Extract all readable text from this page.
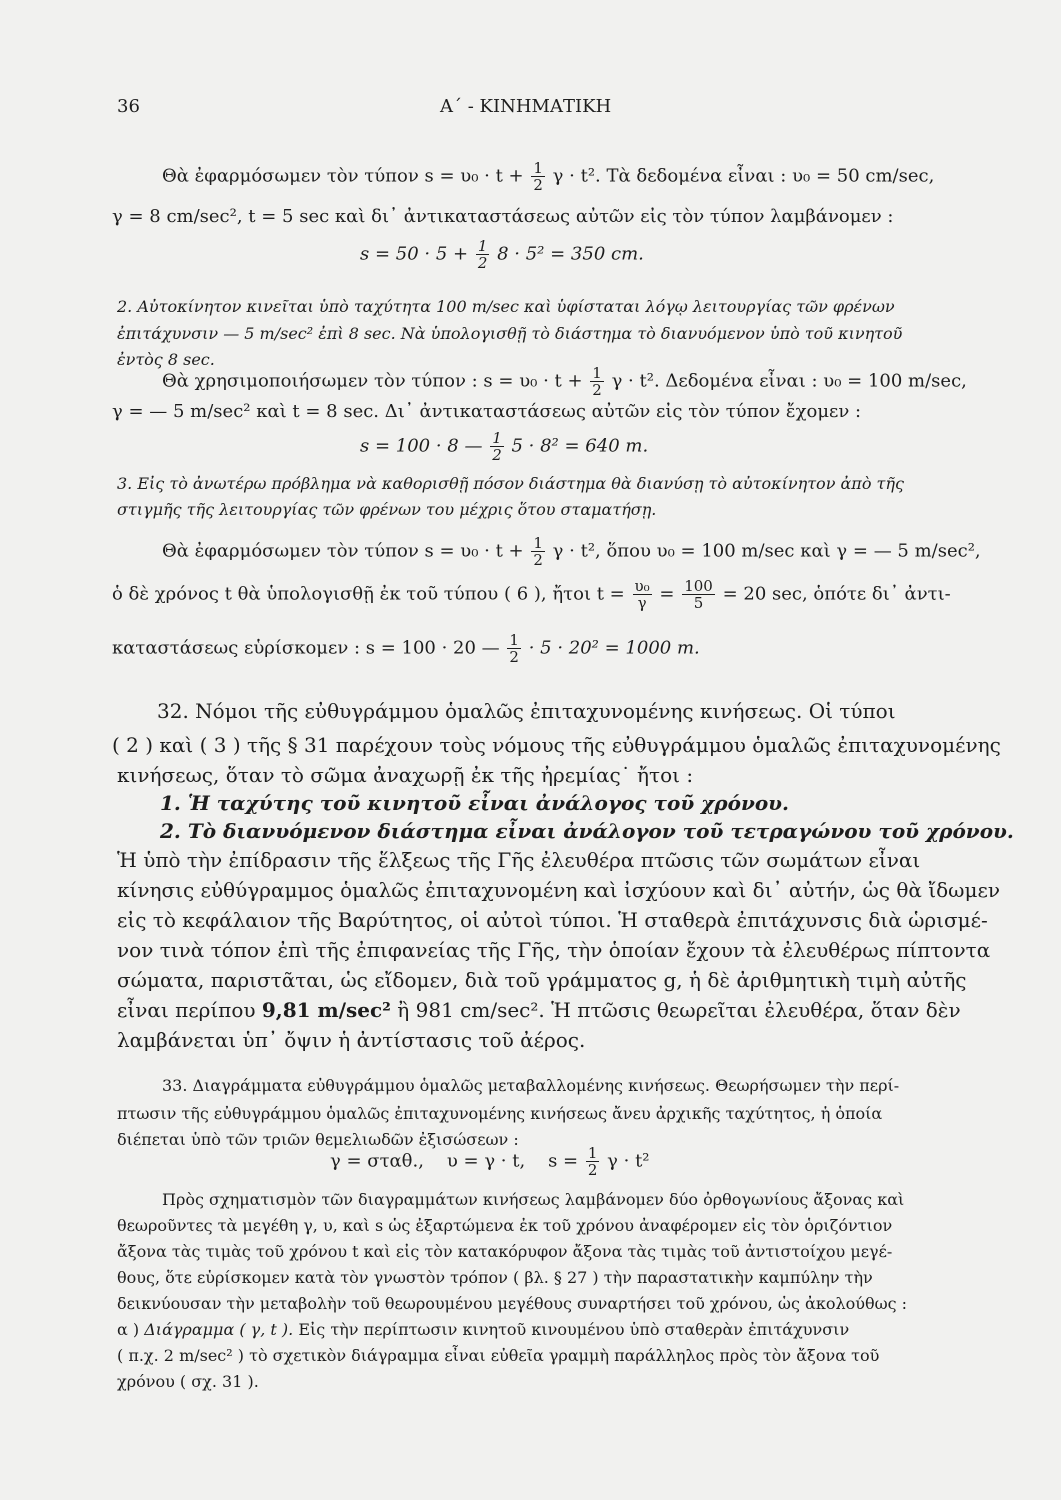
36	Α΄ - ΚΙΝΗΜΑΤΙΚΗ
Θὰ ἐφαρμόσωμεν τὸν τύπον $s = \upsilon_0 \cdot t + \frac{1}{2}$ γ · t². Τὰ δεδομένα εἶναι : υ₀ = 50 cm/sec,
γ = 8 cm/sec², t = 5 sec καὶ δι᾽ ἀντικαταστάσεως αὐτῶν εἰς τὸν τύπον λαμβάνομεν :
$s = 50 \cdot 5 + \frac{1}{2} 8 \cdot 5^2 = 350$ cm.
2. Αὐτοκίνητον κινεῖται ὑπὸ ταχύτητα 100 m/sec καὶ ὑφίσταται λόγῳ λειτουργίας τῶν φρένων
ἐπιτάχυνσιν — 5 m/sec² ἐπὶ 8 sec. Νὰ ὑπολογισθῇ τὸ διάστημα τὸ διανυόμενον ὑπὸ τοῦ κινητοῦ
ἐντὸς 8 sec.
Θὰ χρησιμοποιήσωμεν τὸν τύπον : $s = \upsilon_0 \cdot t + \frac{1}{2}$ γ · t². Δεδομένα εἶναι : υ₀ = 100 m/sec,
γ = — 5 m/sec² καὶ t = 8 sec. Δι᾽ ἀντικαταστάσεως αὐτῶν εἰς τὸν τύπον ἔχομεν :
s = 100 · 8 — $\frac{1}{2} 5 \cdot 8^2 = 640$ m.
3. Εἰς τὸ ἀνωτέρω πρόβλημα νὰ καθορισθῇ πόσον διάστημα θὰ διανύσῃ τὸ αὐτοκίνητον ἀπὸ τῆς
στιγμῆς τῆς λειτουργίας τῶν φρένων του μέχρις ὅτου σταματήσῃ.
Θὰ ἐφαρμόσωμεν τὸν τύπον $s = \upsilon_0 \cdot t + \frac{1}{2}$ γ · t², ὅπου υ₀ = 100 m/sec καὶ γ = — 5 m/sec²,
ὁ δὲ χρόνος t θὰ ὑπολογισθῇ ἐκ τοῦ τύπου ( 6 ), ἤτοι $t = \frac{\text{υ₀}}{\gamma} = \frac{100}{5} = 20$ sec, ὁπότε δι᾽ ἀντι-
καταστάσεως εὑρίσκομεν : s = 100 · 20 — $\frac{1}{2} \cdot 5 \cdot 20^2 = 1000$ m.
32. Νόμοι τῆς εὐθυγράμμου ὁμαλῶς ἐπιταχυνομένης κινήσεως. Οἱ τύποι
( 2 ) καὶ ( 3 ) τῆς § 31 παρέχουν τοὺς νόμους τῆς εὐθυγράμμου ὁμαλῶς ἐπιταχυνομένης
κινήσεως, ὅταν τὸ σῶμα ἀναχωρῇ ἐκ τῆς ἠρεμίας˙ ἤτοι :
1. Ἡ ταχύτης τοῦ κινητοῦ εἶναι ἀνάλογος τοῦ χρόνου.
2. Τὸ διανυόμενον διάστημα εἶναι ἀνάλογον τοῦ τετραγώνου τοῦ χρόνου.
Ἡ ὑπὸ τὴν ἐπίδρασιν τῆς ἕλξεως τῆς Γῆς ἐλευθέρα πτῶσις τῶν σωμάτων εἶναι
κίνησις εὐθύγραμμος ὁμαλῶς ἐπιταχυνομένη καὶ ἰσχύουν καὶ δι᾽ αὐτήν, ὡς θὰ ἴδωμεν
εἰς τὸ κεφάλαιον τῆς Βαρύτητος, οἱ αὐτοὶ τύποι. Ἡ σταθερὰ ἐπιτάχυνσις διὰ ὡρισμέ-
νον τινὰ τόπον ἐπὶ τῆς ἐπιφανείας τῆς Γῆς, τὴν ὁποίαν ἔχουν τὰ ἐλευθέρως πίπτοντα
σώματα, παριστᾶται, ὡς εἴδομεν, διὰ τοῦ γράμματος g, ἡ δὲ ἀριθμητικὴ τιμὴ αὐτῆς
εἶναι περίπου 9,81 m/sec² ἢ 981 cm/sec². Ἡ πτῶσις θεωρεῖται ἐλευθέρα, ὅταν δὲν
λαμβάνεται ὑπ᾽ ὄψιν ἡ ἀντίστασις τοῦ ἀέρος.
33. Διαγράμματα εὐθυγράμμου ὁμαλῶς μεταβαλλομένης κινήσεως. Θεωρήσωμεν τὴν περί-
πτωσιν τῆς εὐθυγράμμου ὁμαλῶς ἐπιταχυνομένης κινήσεως ἄνευ ἀρχικῆς ταχύτητος, ἡ ὁποία
διέπεται ὑπὸ τῶν τριῶν θεμελιωδῶν ἐξισώσεων :
γ = σταθ.,    υ = γ · t,    $s = \frac{1}{2}$ γ · t²
Πρὸς σχηματισμὸν τῶν διαγραμμάτων κινήσεως λαμβάνομεν δύο ὀρθογωνίους ἄξονας καὶ
θεωροῦντες τὰ μεγέθη γ, υ, καὶ s ὡς ἐξαρτώμενα ἐκ τοῦ χρόνου ἀναφέρομεν εἰς τὸν ὁριζόντιον
ἄξονα τὰς τιμὰς τοῦ χρόνου t καὶ εἰς τὸν κατακόρυφον ἄξονα τὰς τιμὰς τοῦ ἀντιστοίχου μεγέ-
θους, ὅτε εὑρίσκομεν κατὰ τὸν γνωστὸν τρόπον ( βλ. § 27 ) τὴν παραστατικὴν καμπύλην τὴν
δεικνύουσαν τὴν μεταβολὴν τοῦ θεωρουμένου μεγέθους συναρτήσει τοῦ χρόνου, ὡς ἀκολούθως :
α ) Διάγραμμα ( γ, t ). Εἰς τὴν περίπτωσιν κινητοῦ κινουμένου ὑπὸ σταθερὰν ἐπιτάχυνσιν
( π.χ. 2 m/sec² ) τὸ σχετικὸν διάγραμμα εἶναι εὐθεῖα γραμμὴ παράλληλος πρὸς τὸν ἄξονα τοῦ
χρόνου ( σχ. 31 ).
